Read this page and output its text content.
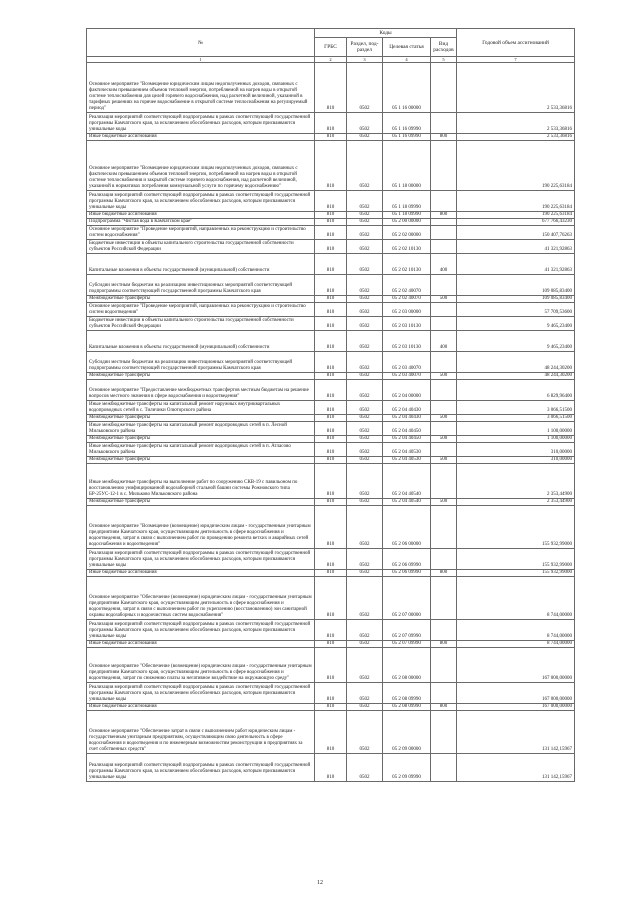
№	Коды				Годовой объем ассигнований
	ГРБС	Раздел, под-раздел	Целевая статья	Вид расходов	
1	2	3	4	5	7
Основное мероприятие "Возмещение юридическим лицам недополученных доходов, связанных с фактическим превышением объемов тепловой энергии, потребляемой на нагрев воды в открытой системе теплоснабжения для целей горячего водоснабжения, над расчетной величиной, указанной в тарифных решениях на горячее водоснабжение в открытой системе теплоснабжения на регулируемый период"	810	0502	05 1 16 00000		2 533,36816
Реализация мероприятий соответствующей подпрограммы в рамках соответствующей государственной программы Камчатского края, за исключением обособленных расходов, которым присваиваются уникальные коды	810	0502	05 1 16 09990		2 533,36816
Иные бюджетные ассигнования	810	0502	05 1 16 09990	800	2 533,36816
Основное мероприятие "Возмещение юридическим лицам недополученных доходов, связанных с фактическим превышением объемов тепловой энергии, потребляемой на нагрев воды в открытой системе теплоснабжения и закрытой системе горячего водоснабжения, над расчетной величиной, указанной в нормативах потребления коммунальной услуги по горячему водоснабжению"	810	0502	05 1 18 00000		190 225,63184
Реализация мероприятий соответствующей подпрограммы в рамках соответствующей государственной программы Камчатского края, за исключением обособленных расходов, которым присваиваются уникальные коды	810	0502	05 1 18 09990		190 225,63184
Иные бюджетные ассигнования	810	0502	05 1 18 09990	800	190 225,63184
Подпрограмма "Чистая вода в Камчатском крае"	810	0502	05 2 00 00000		677 766,43230
Основное мероприятие "Проведение мероприятий, направленных на реконструкцию и строительство систем водоснабжения"	810	0502	05 2 02 00000		150 407,76263
Бюджетные инвестиции в объекты капитального строительства государственной собственности субъектов Российской Федерации	810	0502	05 2 02 10130		41 321,92863
Капитальные вложения в объекты государственной (муниципальной) собственности	810	0502	05 2 02 10130	400	41 321,92863
Субсидии местным бюджетам на реализацию инвестиционных мероприятий соответствующей подпрограммы соответствующей государственной программы Камчатского края	810	0502	05 2 02 40070		109 085,83400
Межбюджетные трансферты	810	0502	05 2 02 40070	500	109 085,83400
Основное мероприятие "Проведение мероприятий, направленных на реконструкцию и строительство систем водоотведения"	810	0502	05 2 03 00000		57 709,53600
Бюджетные инвестиции в объекты капитального строительства государственной собственности субъектов Российской Федерации	810	0502	05 2 03 10130		9 465,23400
Капитальные вложения в объекты государственной (муниципальной) собственности	810	0502	05 2 03 10130	400	9 465,23400
Субсидии местным бюджетам на реализацию инвестиционных мероприятий соответствующей подпрограммы соответствующей государственной программы Камчатского края	810	0502	05 2 03 40070		48 244,30200
Межбюджетные трансферты	810	0502	05 2 03 40070	500	48 244,30200
Основное мероприятие "Предоставление межбюджетных трансфертов местным бюджетам на решение вопросов местного значения в сфере водоснабжения и водоотведения"	810	0502	05 2 04 00000		6 829,96400
Иные межбюджетные трансферты на капитальный ремонт наружных внутриквартальных водопроводных сетей в с. Тиличики Олюторского района	810	0502	05 2 04 40430		3 066,51500
Межбюджетные трансферты	810	0502	05 2 04 40430	500	3 066,51500
Иные межбюджетные трансферты на капитальный ремонт водопроводных сетей в п. Лесной Мильковского района	810	0502	05 2 04 40450		1 100,00000
Межбюджетные трансферты	810	0502	05 2 04 40450	500	1 100,00000
Иные межбюджетные трансферты на капитальный ремонт водопроводных сетей в п. Атласово Мильковского района	810	0502	05 2 04 40530		310,00000
Межбюджетные трансферты	810	0502	05 2 04 40530	500	310,00000
Иные межбюджетные трансферты на выполнение работ по сооружению СКВ-19 с павильоном по восстановлению унифицированной водозаборной стальной башни системы Рожновского типа БР-25УС-12-1 в с. Мильково Мильковского района	810	0502	05 2 04 40540		2 353,44900
Межбюджетные трансферты	810	0502	05 2 04 40540	500	2 353,44900
Основное мероприятие "Возмещение (возмещение) юридическим лицам - государственным унитарным предприятиям Камчатского края, осуществляющим деятельность в сфере водоснабжения и водоотведения, затрат в связи с выполнением работ по проведению ремонта ветхих и аварийных сетей водоснабжения и водоотведения"	810	0502	05 2 06 00000		155 932,99000
Реализация мероприятий соответствующей подпрограммы в рамках соответствующей государственной программы Камчатского края, за исключением обособленных расходов, которым присваиваются уникальные коды	810	0502	05 2 06 09990		155 932,99000
Иные бюджетные ассигнования	810	0502	05 2 06 09990	800	155 932,99000
Основное мероприятие "Обеспечение (возмещение) юридическим лицам - государственным унитарным предприятиям Камчатского края, осуществляющим деятельность в сфере водоснабжения и водоотведения, затрат в связи с выполнением работ по укреплению (восстановлению) зон санитарной охраны водозаборных и водоочистных систем водоснабжения"	810	0502	05 2 07 00000		8 744,00000
Реализация мероприятий соответствующей подпрограммы в рамках соответствующей государственной программы Камчатского края, за исключением обособленных расходов, которым присваиваются уникальные коды	810	0502	05 2 07 09990		8 744,00000
Иные бюджетные ассигнования	810	0502	05 2 07 09990	800	8 744,00000
Основное мероприятие "Обеспечение (возмещение) юридическим лицам - государственным унитарным предприятиям Камчатского края, осуществляющим деятельность в сфере водоснабжения и водоотведения, затрат по снижению платы за негативное воздействие на окружающую среду"	810	0502	05 2 08 00000		167 000,00000
Реализация мероприятий соответствующей подпрограммы в рамках соответствующей государственной программы Камчатского края, за исключением обособленных расходов, которым присваиваются уникальные коды	810	0502	05 2 08 09990		167 000,00000
Иные бюджетные ассигнования	810	0502	05 2 08 09990	800	167 000,00000
Основное мероприятие "Обеспечение затрат в связи с выполнением работ юридическим лицам - государственным унитарным предприятиям, осуществляющим свою деятельность в сфере водоснабжения и водоотведения и по инженерным возможностям реконструкции в предприятиях за счет собственных средств"	810	0502	05 2 09 00000		131 142,15967
Реализация мероприятий соответствующей подпрограммы в рамках соответствующей государственной программы Камчатского края, за исключением обособленных расходов, которым присваиваются уникальные коды	810	0502	05 2 09 09990		131 142,15967
12
